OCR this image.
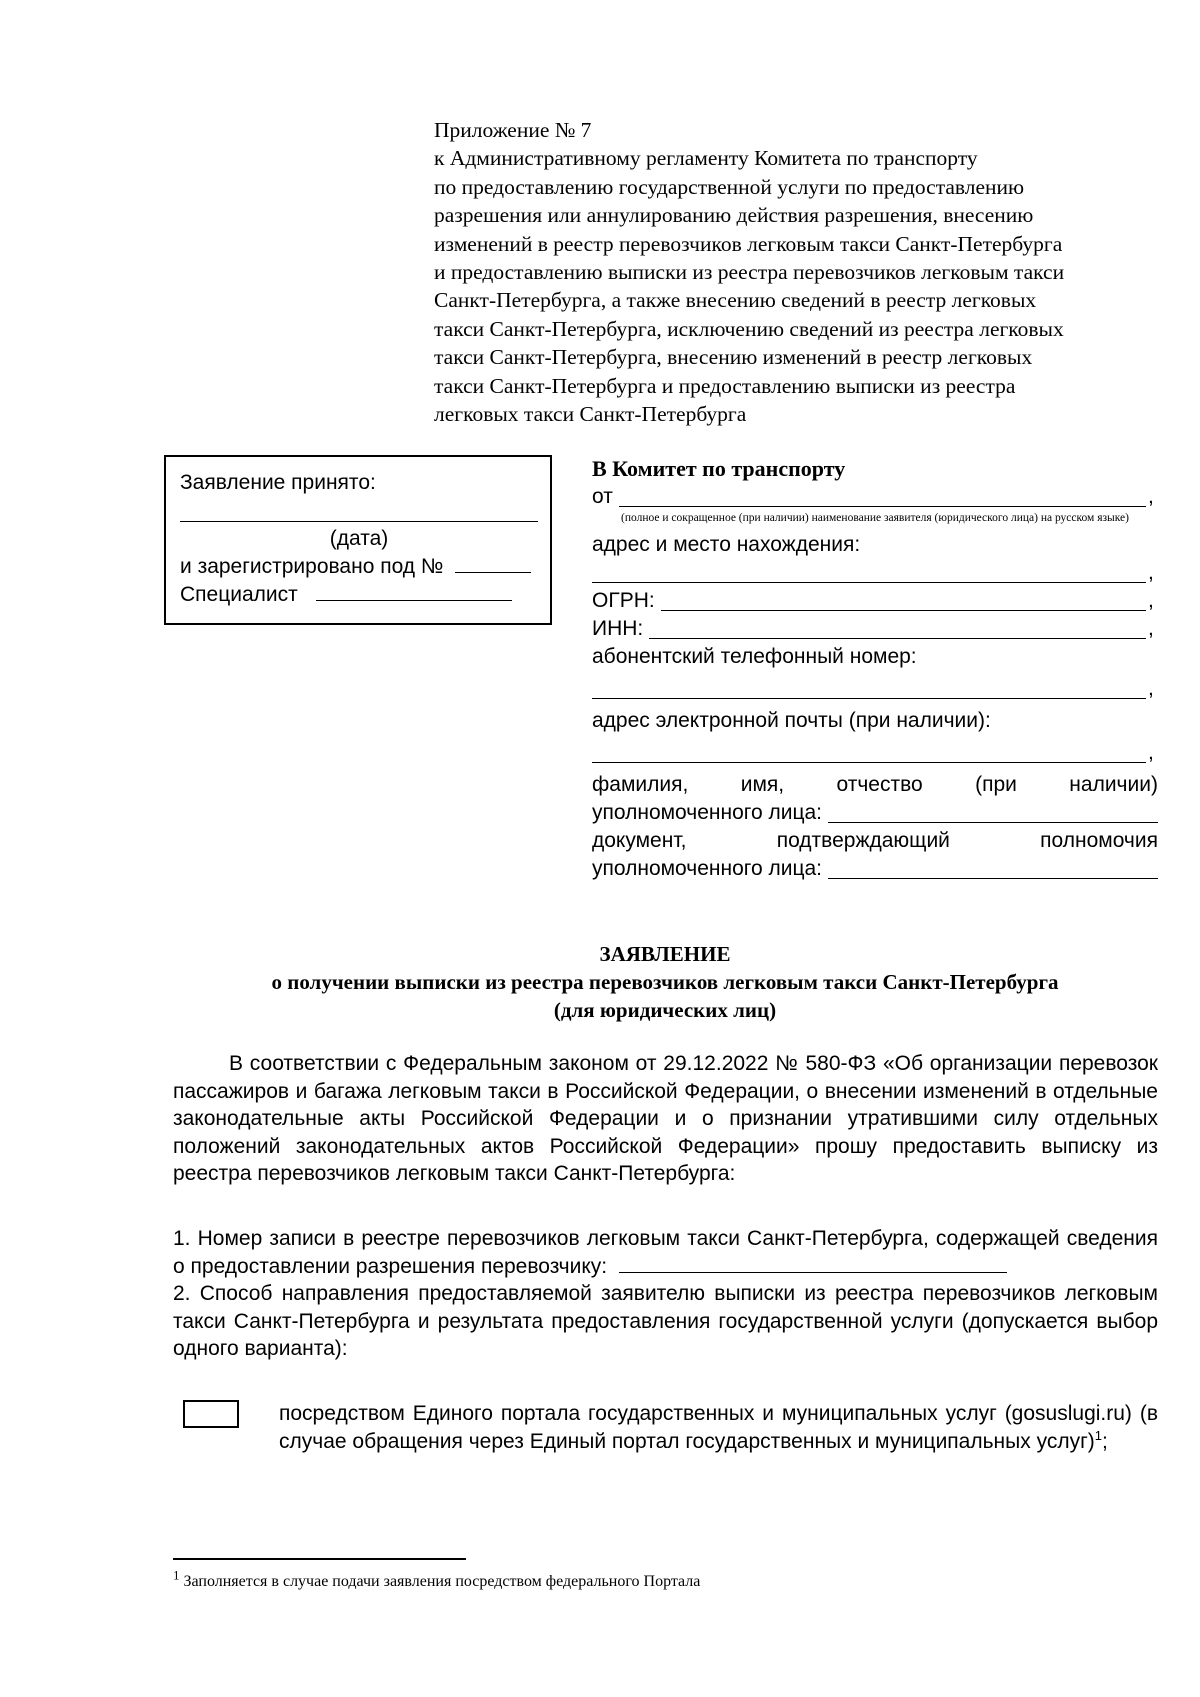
Приложение № 7
к Административному регламенту Комитета по транспорту
по предоставлению государственной услуги по предоставлению
разрешения или аннулированию действия разрешения, внесению
изменений в реестр перевозчиков легковым такси Санкт-Петербурга
и предоставлению выписки из реестра перевозчиков легковым такси
Санкт-Петербурга, а также внесению сведений в реестр легковых
такси Санкт-Петербурга, исключению сведений из реестра легковых
такси Санкт-Петербурга, внесению изменений в реестр легковых
такси Санкт-Петербурга и предоставлению выписки из реестра
легковых такси Санкт-Петербурга
Заявление принято:
(дата)
и зарегистрировано под №
Специалист
В Комитет по транспорту
от	,
(полное и сокращенное (при наличии) наименование заявителя (юридического лица) на русском языке)
адрес и место нахождения:
,
ОГРН:	,
ИНН:	,
абонентский телефонный номер:
,
адрес электронной почты (при наличии):
,
фамилия, имя, отчество (при наличии)
уполномоченного лица:
документ,	подтверждающий	полномочия
уполномоченного лица:
ЗАЯВЛЕНИЕ
о получении выписки из реестра перевозчиков легковым такси Санкт-Петербурга
(для юридических лиц)
В соответствии с Федеральным законом от 29.12.2022 № 580-ФЗ «Об организации перевозок пассажиров и багажа легковым такси в Российской Федерации, о внесении изменений в отдельные законодательные акты Российской Федерации и о признании утратившими силу отдельных положений законодательных актов Российской Федерации» прошу предоставить выписку из реестра перевозчиков легковым такси Санкт-Петербурга:
1. Номер записи в реестре перевозчиков легковым такси Санкт-Петербурга, содержащей сведения о предоставлении разрешения перевозчику:
2. Способ направления предоставляемой заявителю выписки из реестра перевозчиков легковым такси Санкт-Петербурга и результата предоставления государственной услуги (допускается выбор одного варианта):
посредством Единого портала государственных и муниципальных услуг (gosuslugi.ru) (в случае обращения через Единый портал государственных и муниципальных услуг)$^1$;
$^1$ Заполняется в случае подачи заявления посредством федерального Портала
